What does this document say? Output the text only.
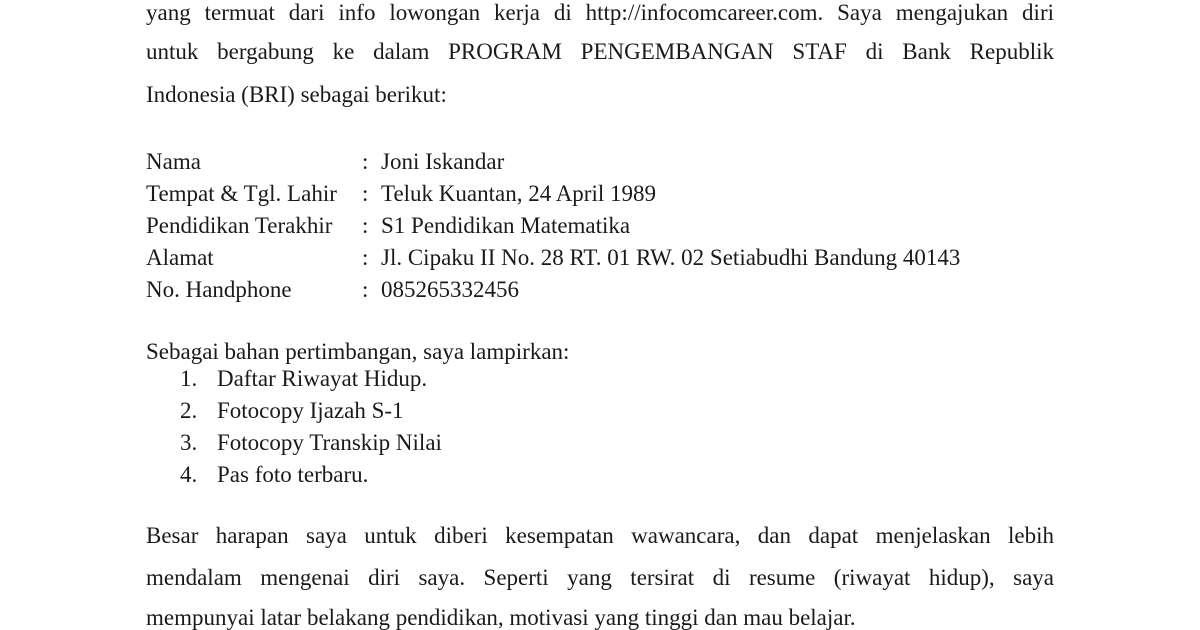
yang termuat dari info lowongan kerja di http://infocomcareer.com. Saya mengajukan diri
untuk bergabung ke dalam PROGRAM PENGEMBANGAN STAF di Bank Republik
Indonesia (BRI) sebagai berikut:
Nama	: Joni Iskandar
Tempat & Tgl. Lahir : Teluk Kuantan, 24 April 1989
Pendidikan Terakhir : S1 Pendidikan Matematika
Alamat	: Jl. Cipaku II No. 28 RT. 01 RW. 02 Setiabudhi Bandung 40143
No. Handphone	: 085265332456
Sebagai bahan pertimbangan, saya lampirkan:
1. Daftar Riwayat Hidup.
2. Fotocopy Ijazah S-1
3. Fotocopy Transkip Nilai
4. Pas foto terbaru.
Besar harapan saya untuk diberi kesempatan wawancara, dan dapat menjelaskan lebih
mendalam mengenai diri saya. Seperti yang tersirat di resume (riwayat hidup), saya
mempunyai latar belakang pendidikan, motivasi yang tinggi dan mau belajar.
